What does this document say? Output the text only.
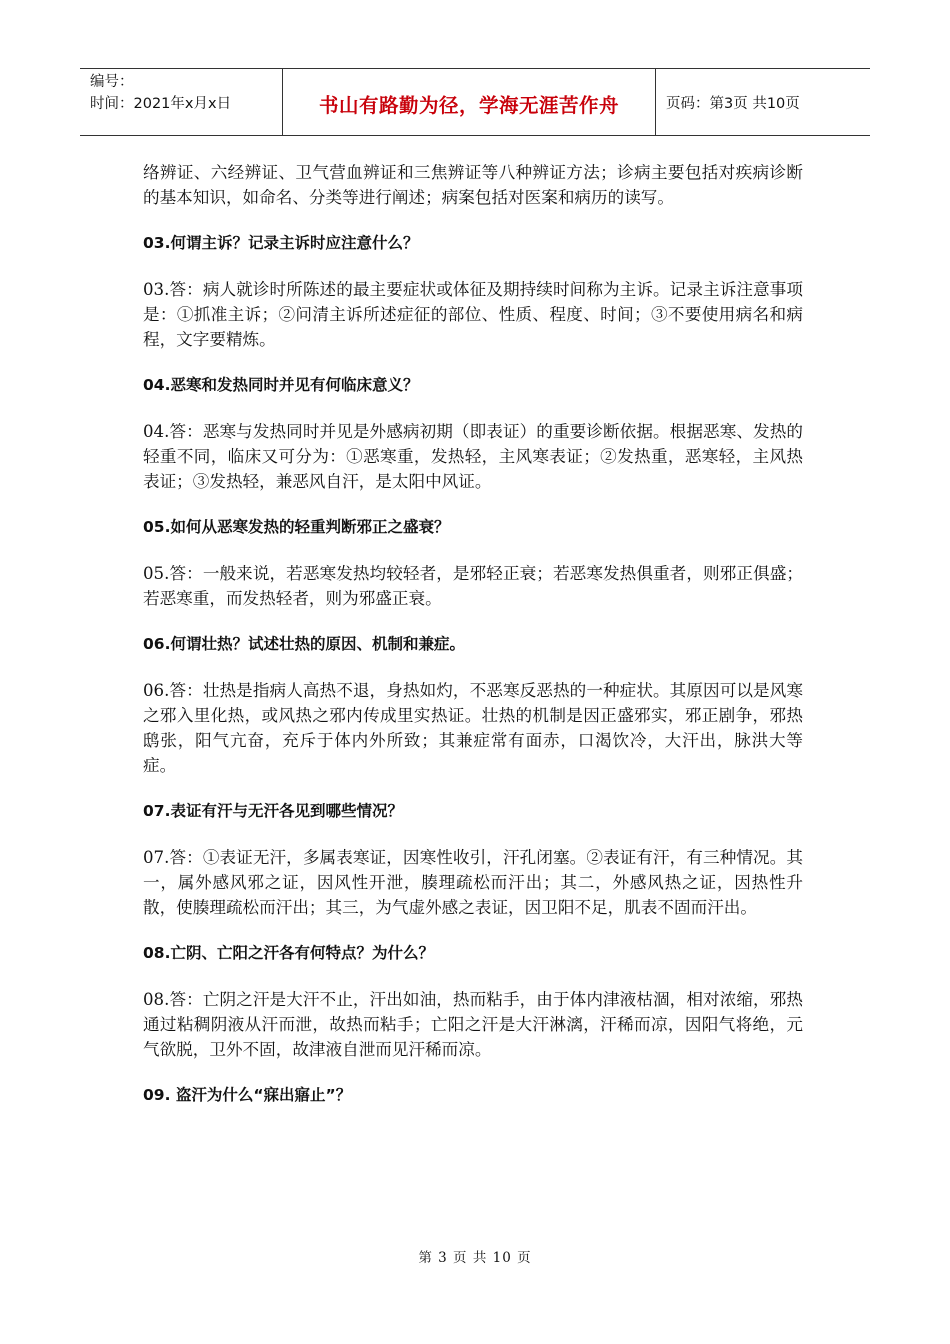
编号：
时间：2021年x月x日	书山有路勤为径，学海无涯苦作舟	页码：第3页 共10页

络辨证、六经辨证、卫气营血辨证和三焦辨证等八种辨证方法；诊病主要包括对疾病诊断的基本知识，如命名、分类等进行阐述；病案包括对医案和病历的读写。

03.何谓主诉？记录主诉时应注意什么？

03.答：病人就诊时所陈述的最主要症状或体征及期持续时间称为主诉。记录主诉注意事项是：①抓准主诉；②问清主诉所述症征的部位、性质、程度、时间；③不要使用病名和病程，文字要精炼。

04.恶寒和发热同时并见有何临床意义？

04.答：恶寒与发热同时并见是外感病初期（即表证）的重要诊断依据。根据恶寒、发热的轻重不同，临床又可分为：①恶寒重，发热轻，主风寒表证；②发热重，恶寒轻，主风热表证；③发热轻，兼恶风自汗，是太阳中风证。

05.如何从恶寒发热的轻重判断邪正之盛衰？

05.答：一般来说，若恶寒发热均较轻者，是邪轻正衰；若恶寒发热俱重者，则邪正俱盛；若恶寒重，而发热轻者，则为邪盛正衰。

06.何谓壮热？试述壮热的原因、机制和兼症。

06.答：壮热是指病人高热不退，身热如灼，不恶寒反恶热的一种症状。其原因可以是风寒之邪入里化热，或风热之邪内传成里实热证。壮热的机制是因正盛邪实，邪正剧争，邪热鸱张，阳气亢奋，充斥于体内外所致；其兼症常有面赤，口渴饮冷，大汗出，脉洪大等症。

07.表证有汗与无汗各见到哪些情况？

07.答：①表证无汗，多属表寒证，因寒性收引，汗孔闭塞。②表证有汗，有三种情况。其一，属外感风邪之证，因风性开泄，腠理疏松而汗出；其二，外感风热之证，因热性升散，使腠理疏松而汗出；其三，为气虚外感之表证，因卫阳不足，肌表不固而汗出。

08.亡阴、亡阳之汗各有何特点？为什么？

08.答：亡阴之汗是大汗不止，汗出如油，热而粘手，由于体内津液枯涸，相对浓缩，邪热通过粘稠阴液从汗而泄，故热而粘手；亡阳之汗是大汗淋漓，汗稀而凉，因阳气将绝，元气欲脱，卫外不固，故津液自泄而见汗稀而凉。

09. 盗汗为什么“寐出寤止”？

第 3 页 共 10 页
